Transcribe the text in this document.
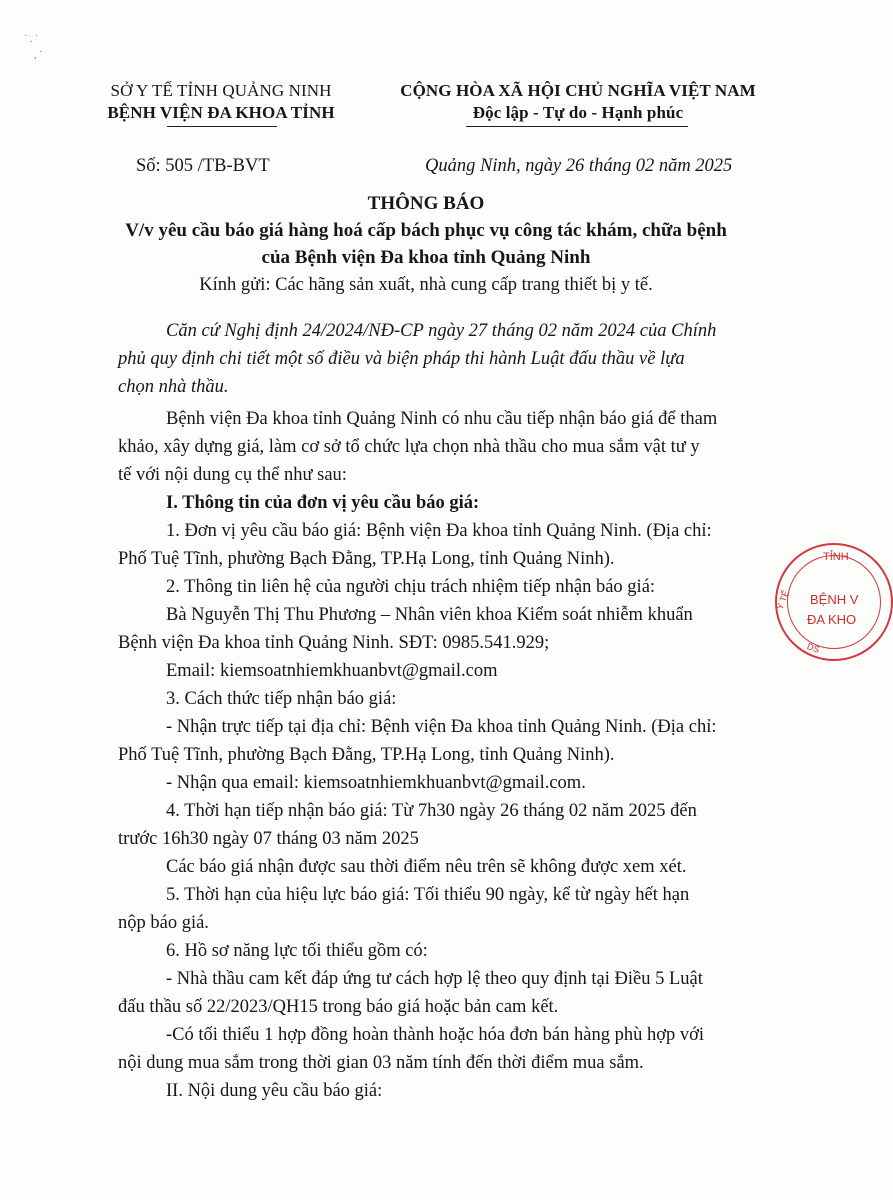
˙ . ˙
, ˙
SỞ Y TẾ TỈNH QUẢNG NINH
BỆNH VIỆN ĐA KHOA TỈNH
CỘNG HÒA XÃ HỘI CHỦ NGHĨA VIỆT NAM
Độc lập - Tự do - Hạnh phúc
Số: 505 /TB-BVT	Quảng Ninh, ngày 26 tháng 02 năm 2025
THÔNG BÁO
V/v yêu cầu báo giá hàng hoá cấp bách phục vụ công tác khám, chữa bệnh
của Bệnh viện Đa khoa tỉnh Quảng Ninh
Kính gửi: Các hãng sản xuất, nhà cung cấp trang thiết bị y tế.
Căn cứ Nghị định 24/2024/NĐ-CP ngày 27 tháng 02 năm 2024 của Chính
phủ quy định chi tiết một số điều và biện pháp thi hành Luật đấu thầu về lựa
chọn nhà thầu.
Bệnh viện Đa khoa tỉnh Quảng Ninh có nhu cầu tiếp nhận báo giá để tham
khảo, xây dựng giá, làm cơ sở tổ chức lựa chọn nhà thầu cho mua sắm vật tư y
tế với nội dung cụ thể như sau:
I. Thông tin của đơn vị yêu cầu báo giá:
1. Đơn vị yêu cầu báo giá: Bệnh viện Đa khoa tỉnh Quảng Ninh. (Địa chỉ:
Phố Tuệ Tĩnh, phường Bạch Đằng, TP.Hạ Long, tỉnh Quảng Ninh).
2. Thông tin liên hệ của người chịu trách nhiệm tiếp nhận báo giá:
Bà Nguyễn Thị Thu Phương – Nhân viên khoa Kiểm soát nhiễm khuẩn
Bệnh viện Đa khoa tỉnh Quảng Ninh. SĐT: 0985.541.929;
Email: kiemsoatnhiemkhuanbvt@gmail.com
3. Cách thức tiếp nhận báo giá:
- Nhận trực tiếp tại địa chỉ: Bệnh viện Đa khoa tỉnh Quảng Ninh. (Địa chỉ:
Phố Tuệ Tĩnh, phường Bạch Đằng, TP.Hạ Long, tỉnh Quảng Ninh).
- Nhận qua email: kiemsoatnhiemkhuanbvt@gmail.com.
4. Thời hạn tiếp nhận báo giá: Từ 7h30 ngày 26 tháng 02 năm 2025 đến
trước 16h30 ngày 07 tháng 03 năm 2025
Các báo giá nhận được sau thời điểm nêu trên sẽ không được xem xét.
5. Thời hạn của hiệu lực báo giá: Tối thiểu 90 ngày, kể từ ngày hết hạn
nộp báo giá.
6. Hồ sơ năng lực tối thiểu gồm có:
- Nhà thầu cam kết đáp ứng tư cách hợp lệ theo quy định tại Điều 5 Luật
đấu thầu số 22/2023/QH15 trong báo giá hoặc bản cam kết.
-Có tối thiểu 1 hợp đồng hoàn thành hoặc hóa đơn bán hàng phù hợp với
nội dung mua sắm trong thời gian 03 năm tính đến thời điểm mua sắm.
II. Nội dung yêu cầu báo giá:
TỈNH
Y TẾ BỆNH V
ĐA KHO
DS
